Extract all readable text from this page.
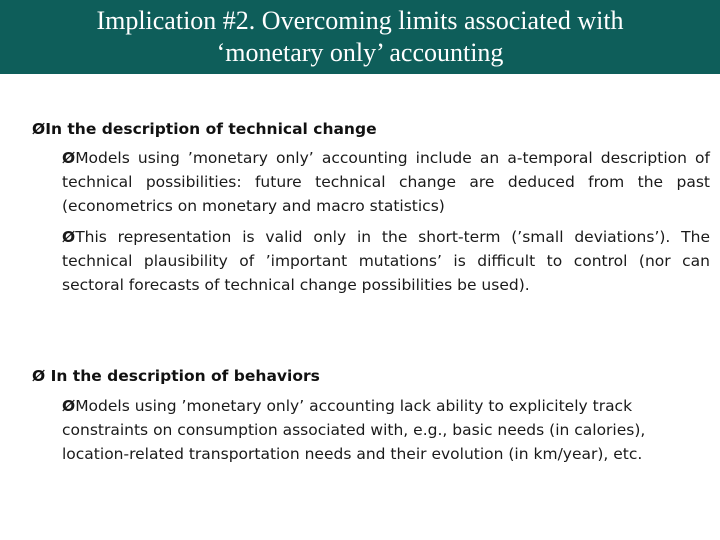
Implication #2. Overcoming limits associated with
‘monetary only’ accounting
ØIn the description of technical change
ØModels using ’monetary only’ accounting include an a-temporal description of technical possibilities: future technical change are deduced from the past (econometrics on monetary and macro statistics)
ØThis representation is valid only in the short-term (’small deviations’). The technical plausibility of ’important mutations’ is difficult to control (nor can sectoral forecasts of technical change possibilities be used).
Ø In the description of behaviors
ØModels using ’monetary only’ accounting lack ability to explicitely track constraints on consumption associated with, e.g., basic needs (in calories), location-related transportation needs and their evolution (in km/year), etc.
